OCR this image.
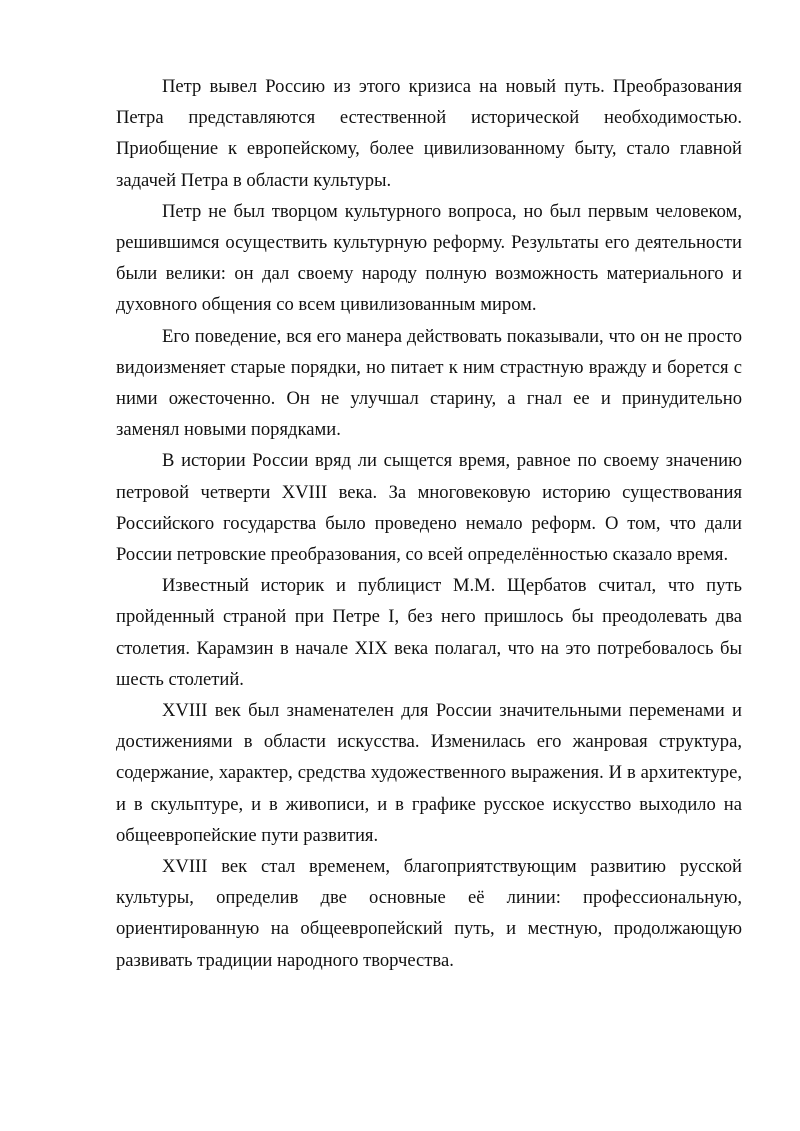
Петр вывел Россию из этого кризиса на новый путь. Преобразования Петра представляются естественной исторической необходимостью. Приобщение к европейскому, более цивилизованному быту, стало главной задачей Петра в области культуры.

Петр не был творцом культурного вопроса, но был первым человеком, решившимся осуществить культурную реформу. Результаты его деятельности были велики: он дал своему народу полную возможность материального и духовного общения со всем цивилизованным миром.

Его поведение, вся его манера действовать показывали, что он не просто видоизменяет старые порядки, но питает к ним страстную вражду и борется с ними ожесточенно. Он не улучшал старину, а гнал ее и принудительно заменял новыми порядками.

В истории России вряд ли сыщется время, равное по своему значению петровой четверти XVIII века. За многовековую историю существования Российского государства было проведено немало реформ. О том, что дали России петровские преобразования, со всей определённостью сказало время.

Известный историк и публицист М.М. Щербатов считал, что путь пройденный страной при Петре I, без него пришлось бы преодолевать два столетия. Карамзин в начале XIX века полагал, что на это потребовалось бы шесть столетий.

XVIII век был знаменателен для России значительными переменами и достижениями в области искусства. Изменилась его жанровая структура, содержание, характер, средства художественного выражения. И в архитектуре, и в скульптуре, и в живописи, и в графике русское искусство выходило на общеевропейские пути развития.

XVIII век стал временем, благоприятствующим развитию русской культуры, определив две основные её линии: профессиональную, ориентированную на общеевропейский путь, и местную, продолжающую развивать традиции народного творчества.
